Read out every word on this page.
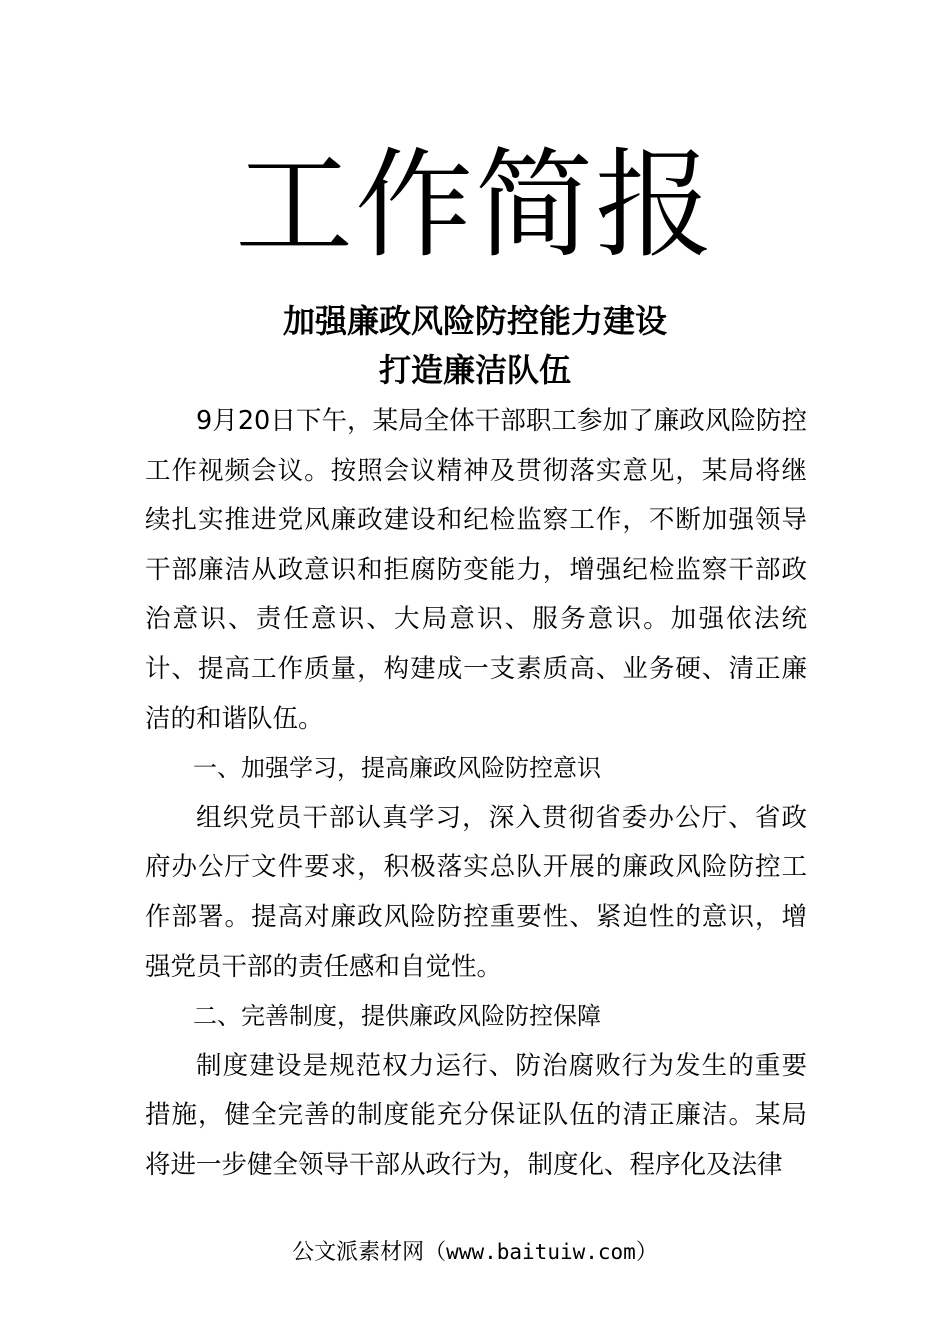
工作简报
加强廉政风险防控能力建设
打造廉洁队伍

9月20日下午，某局全体干部职工参加了廉政风险防控工作视频会议。按照会议精神及贯彻落实意见，某局将继续扎实推进党风廉政建设和纪检监察工作，不断加强领导干部廉洁从政意识和拒腐防变能力，增强纪检监察干部政治意识、责任意识、大局意识、服务意识。加强依法统计、提高工作质量，构建成一支素质高、业务硬、清正廉洁的和谐队伍。

一、加强学习，提高廉政风险防控意识

组织党员干部认真学习，深入贯彻省委办公厅、省政府办公厅文件要求，积极落实总队开展的廉政风险防控工作部署。提高对廉政风险防控重要性、紧迫性的意识，增强党员干部的责任感和自觉性。

二、完善制度，提供廉政风险防控保障

制度建设是规范权力运行、防治腐败行为发生的重要措施，健全完善的制度能充分保证队伍的清正廉洁。某局将进一步健全领导干部从政行为，制度化、程序化及法律

公文派素材网（www.baituiw.com）
